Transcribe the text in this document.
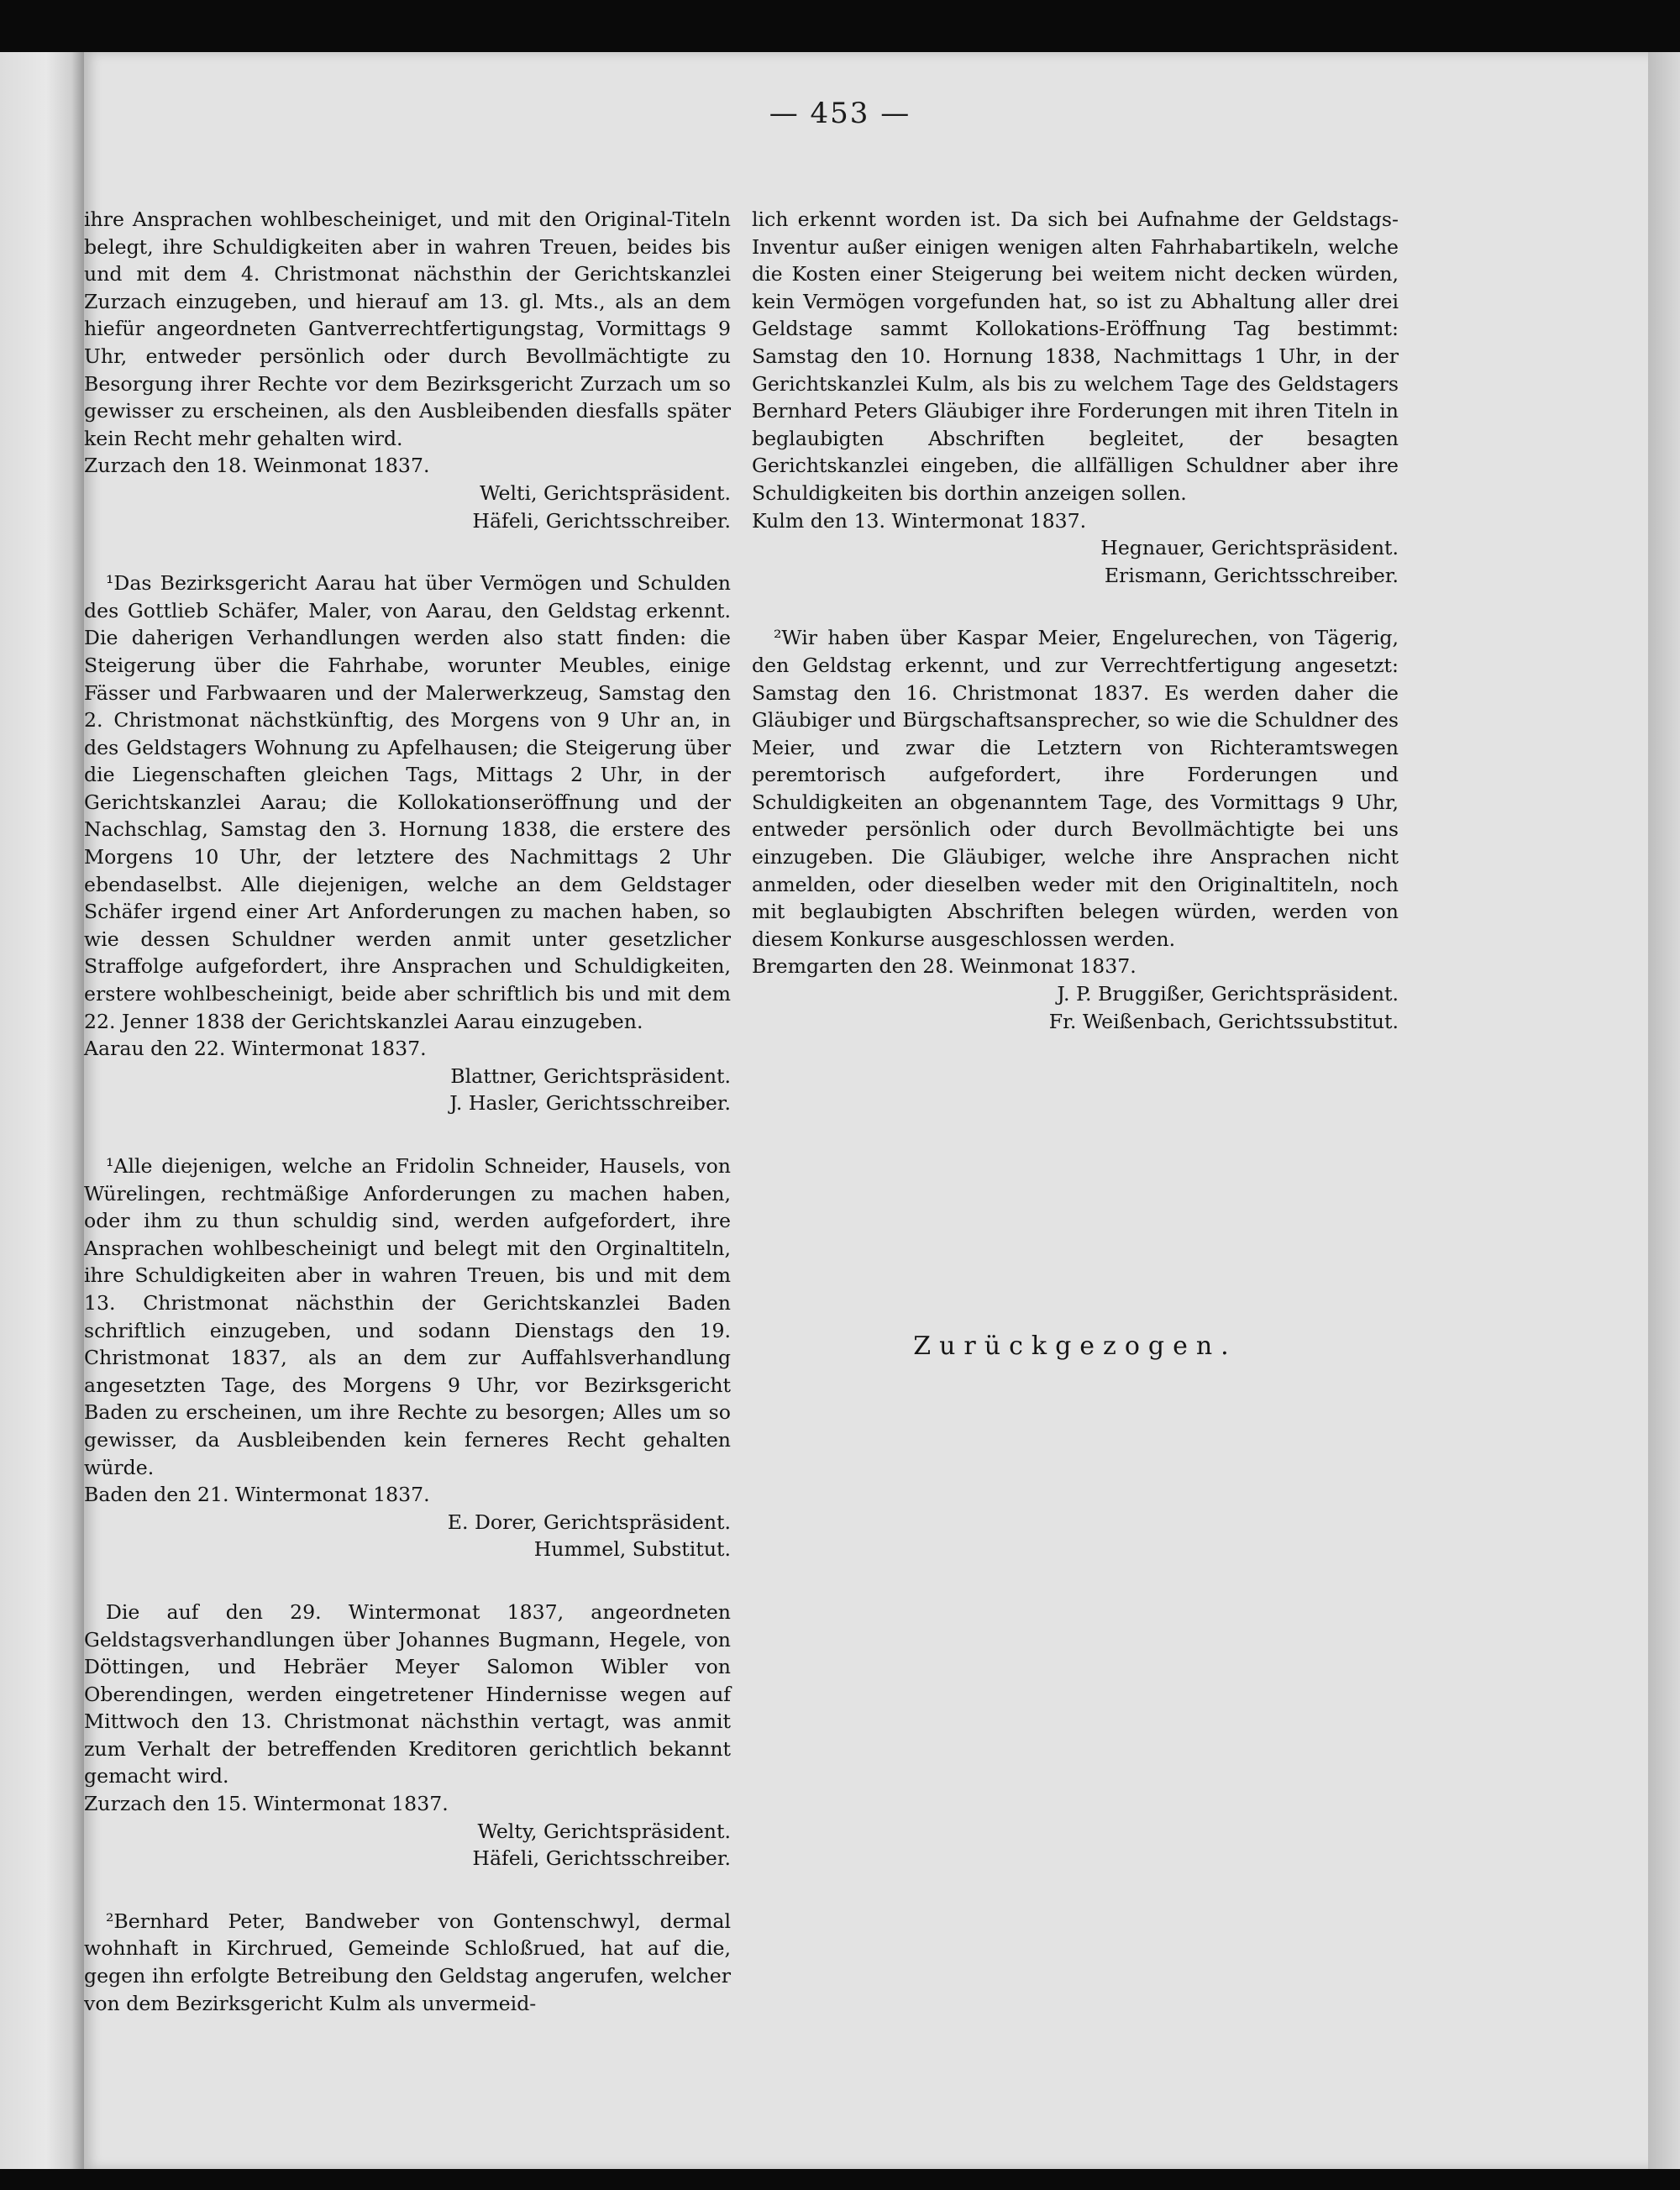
— 453 —

ihre Ansprachen wohlbescheiniget, und mit den Original-Titeln belegt, ihre Schuldigkeiten aber in wahren Treuen, beides bis und mit dem 4. Christmonat nächsthin der Gerichtskanzlei Zurzach einzugeben, und hierauf am 13. gl. Mts., als an dem hiefür angeordneten Gantverrechtfertigungstag, Vormittags 9 Uhr, entweder persönlich oder durch Bevollmächtigte zu Besorgung ihrer Rechte vor dem Bezirksgericht Zurzach um so gewisser zu erscheinen, als den Ausbleibenden diesfalls später kein Recht mehr gehalten wird.

Zurzach den 18. Weinmonat 1837.

Welti, Gerichtspräsident.

Häfeli, Gerichtsschreiber.

¹Das Bezirksgericht Aarau hat über Vermögen und Schulden des Gottlieb Schäfer, Maler, von Aarau, den Geldstag erkennt. Die daherigen Verhandlungen werden also statt finden: die Steigerung über die Fahrhabe, worunter Meubles, einige Fässer und Farbwaaren und der Malerwerkzeug, Samstag den 2. Christmonat nächstkünftig, des Morgens von 9 Uhr an, in des Geldstagers Wohnung zu Apfelhausen; die Steigerung über die Liegenschaften gleichen Tags, Mittags 2 Uhr, in der Gerichtskanzlei Aarau; die Kollokationseröffnung und der Nachschlag, Samstag den 3. Hornung 1838, die erstere des Morgens 10 Uhr, der letztere des Nachmittags 2 Uhr ebendaselbst. Alle diejenigen, welche an dem Geldstager Schäfer irgend einer Art Anforderungen zu machen haben, so wie dessen Schuldner werden anmit unter gesetzlicher Straffolge aufgefordert, ihre Ansprachen und Schuldigkeiten, erstere wohlbescheinigt, beide aber schriftlich bis und mit dem 22. Jenner 1838 der Gerichtskanzlei Aarau einzugeben.

Aarau den 22. Wintermonat 1837.

Blattner, Gerichtspräsident.

J. Hasler, Gerichtsschreiber.

¹Alle diejenigen, welche an Fridolin Schneider, Hausels, von Würelingen, rechtmäßige Anforderungen zu machen haben, oder ihm zu thun schuldig sind, werden aufgefordert, ihre Ansprachen wohlbescheinigt und belegt mit den Orginaltiteln, ihre Schuldigkeiten aber in wahren Treuen, bis und mit dem 13. Christmonat nächsthin der Gerichtskanzlei Baden schriftlich einzugeben, und sodann Dienstags den 19. Christmonat 1837, als an dem zur Auffahlsverhandlung angesetzten Tage, des Morgens 9 Uhr, vor Bezirksgericht Baden zu erscheinen, um ihre Rechte zu besorgen; Alles um so gewisser, da Ausbleibenden kein ferneres Recht gehalten würde.

Baden den 21. Wintermonat 1837.

E. Dorer, Gerichtspräsident.

Hummel, Substitut.

Die auf den 29. Wintermonat 1837, angeordneten Geldstagsverhandlungen über Johannes Bugmann, Hegele, von Döttingen, und Hebräer Meyer Salomon Wibler von Oberendingen, werden eingetretener Hindernisse wegen auf Mittwoch den 13. Christmonat nächsthin vertagt, was anmit zum Verhalt der betreffenden Kreditoren gerichtlich bekannt gemacht wird.

Zurzach den 15. Wintermonat 1837.

Welty, Gerichtspräsident.

Häfeli, Gerichtsschreiber.

²Bernhard Peter, Bandweber von Gontenschwyl, dermal wohnhaft in Kirchrued, Gemeinde Schloßrued, hat auf die, gegen ihn erfolgte Betreibung den Geldstag angerufen, welcher von dem Bezirksgericht Kulm als unvermeid-

lich erkennt worden ist. Da sich bei Aufnahme der Geldstags-Inventur außer einigen wenigen alten Fahrhabartikeln, welche die Kosten einer Steigerung bei weitem nicht decken würden, kein Vermögen vorgefunden hat, so ist zu Abhaltung aller drei Geldstage sammt Kollokations-Eröffnung Tag bestimmt: Samstag den 10. Hornung 1838, Nachmittags 1 Uhr, in der Gerichtskanzlei Kulm, als bis zu welchem Tage des Geldstagers Bernhard Peters Gläubiger ihre Forderungen mit ihren Titeln in beglaubigten Abschriften begleitet, der besagten Gerichtskanzlei eingeben, die allfälligen Schuldner aber ihre Schuldigkeiten bis dorthin anzeigen sollen.

Kulm den 13. Wintermonat 1837.

Hegnauer, Gerichtspräsident.

Erismann, Gerichtsschreiber.

²Wir haben über Kaspar Meier, Engelurechen, von Tägerig, den Geldstag erkennt, und zur Verrechtfertigung angesetzt: Samstag den 16. Christmonat 1837. Es werden daher die Gläubiger und Bürgschaftsansprecher, so wie die Schuldner des Meier, und zwar die Letztern von Richteramtswegen peremtorisch aufgefordert, ihre Forderungen und Schuldigkeiten an obgenanntem Tage, des Vormittags 9 Uhr, entweder persönlich oder durch Bevollmächtigte bei uns einzugeben. Die Gläubiger, welche ihre Ansprachen nicht anmelden, oder dieselben weder mit den Originaltiteln, noch mit beglaubigten Abschriften belegen würden, werden von diesem Konkurse ausgeschlossen werden.

Bremgarten den 28. Weinmonat 1837.

J. P. Bruggißer, Gerichtspräsident.

Fr. Weißenbach, Gerichtssubstitut.

Zurückgezogen.
